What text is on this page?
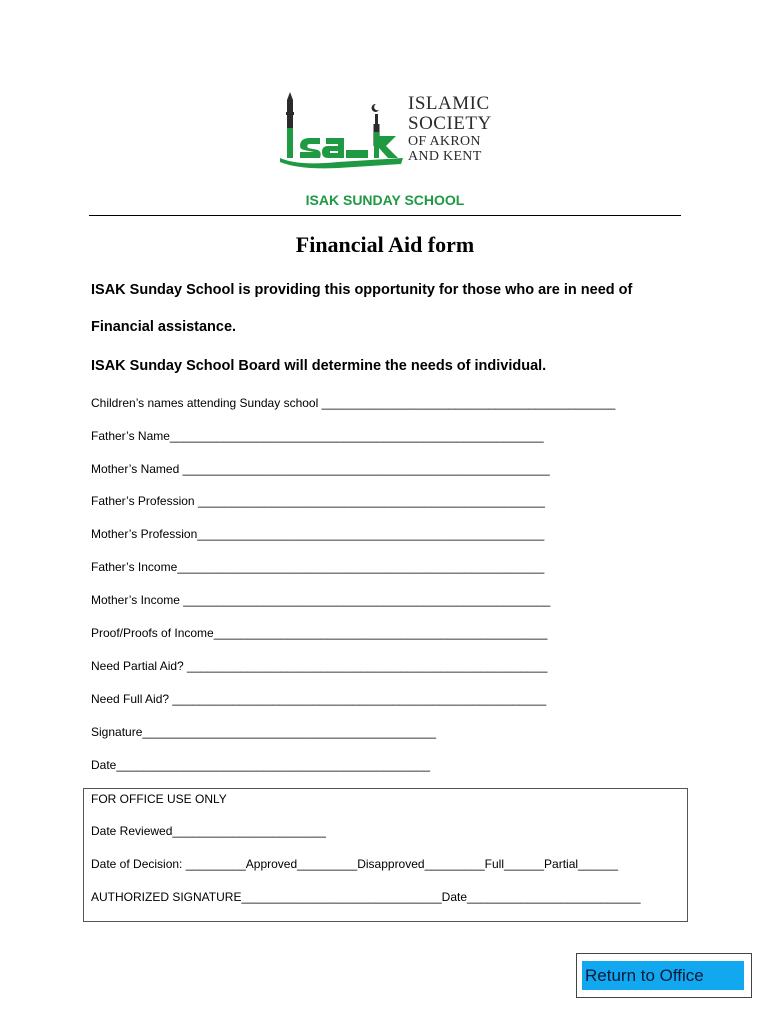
ISLAMIC
SOCIETY
OF AKRON
AND KENT
ISAK SUNDAY SCHOOL
Financial Aid form
ISAK Sunday School is providing this opportunity for those who are in need of
Financial assistance.
ISAK Sunday School Board will determine the needs of individual.
Children’s names attending Sunday school ____________________________________________
Father’s Name________________________________________________________
Mother’s Named _______________________________________________________
Father’s Profession ____________________________________________________
Mother’s Profession____________________________________________________
Father’s Income_______________________________________________________
Mother’s Income _______________________________________________________
Proof/Proofs of Income__________________________________________________
Need Partial Aid? ______________________________________________________
Need Full Aid? ________________________________________________________
Signature____________________________________________
Date_______________________________________________
FOR OFFICE USE ONLY
Date Reviewed_______________________
Date of Decision: _________Approved_________Disapproved_________Full______Partial______
AUTHORIZED SIGNATURE______________________________Date__________________________
Return to Office
